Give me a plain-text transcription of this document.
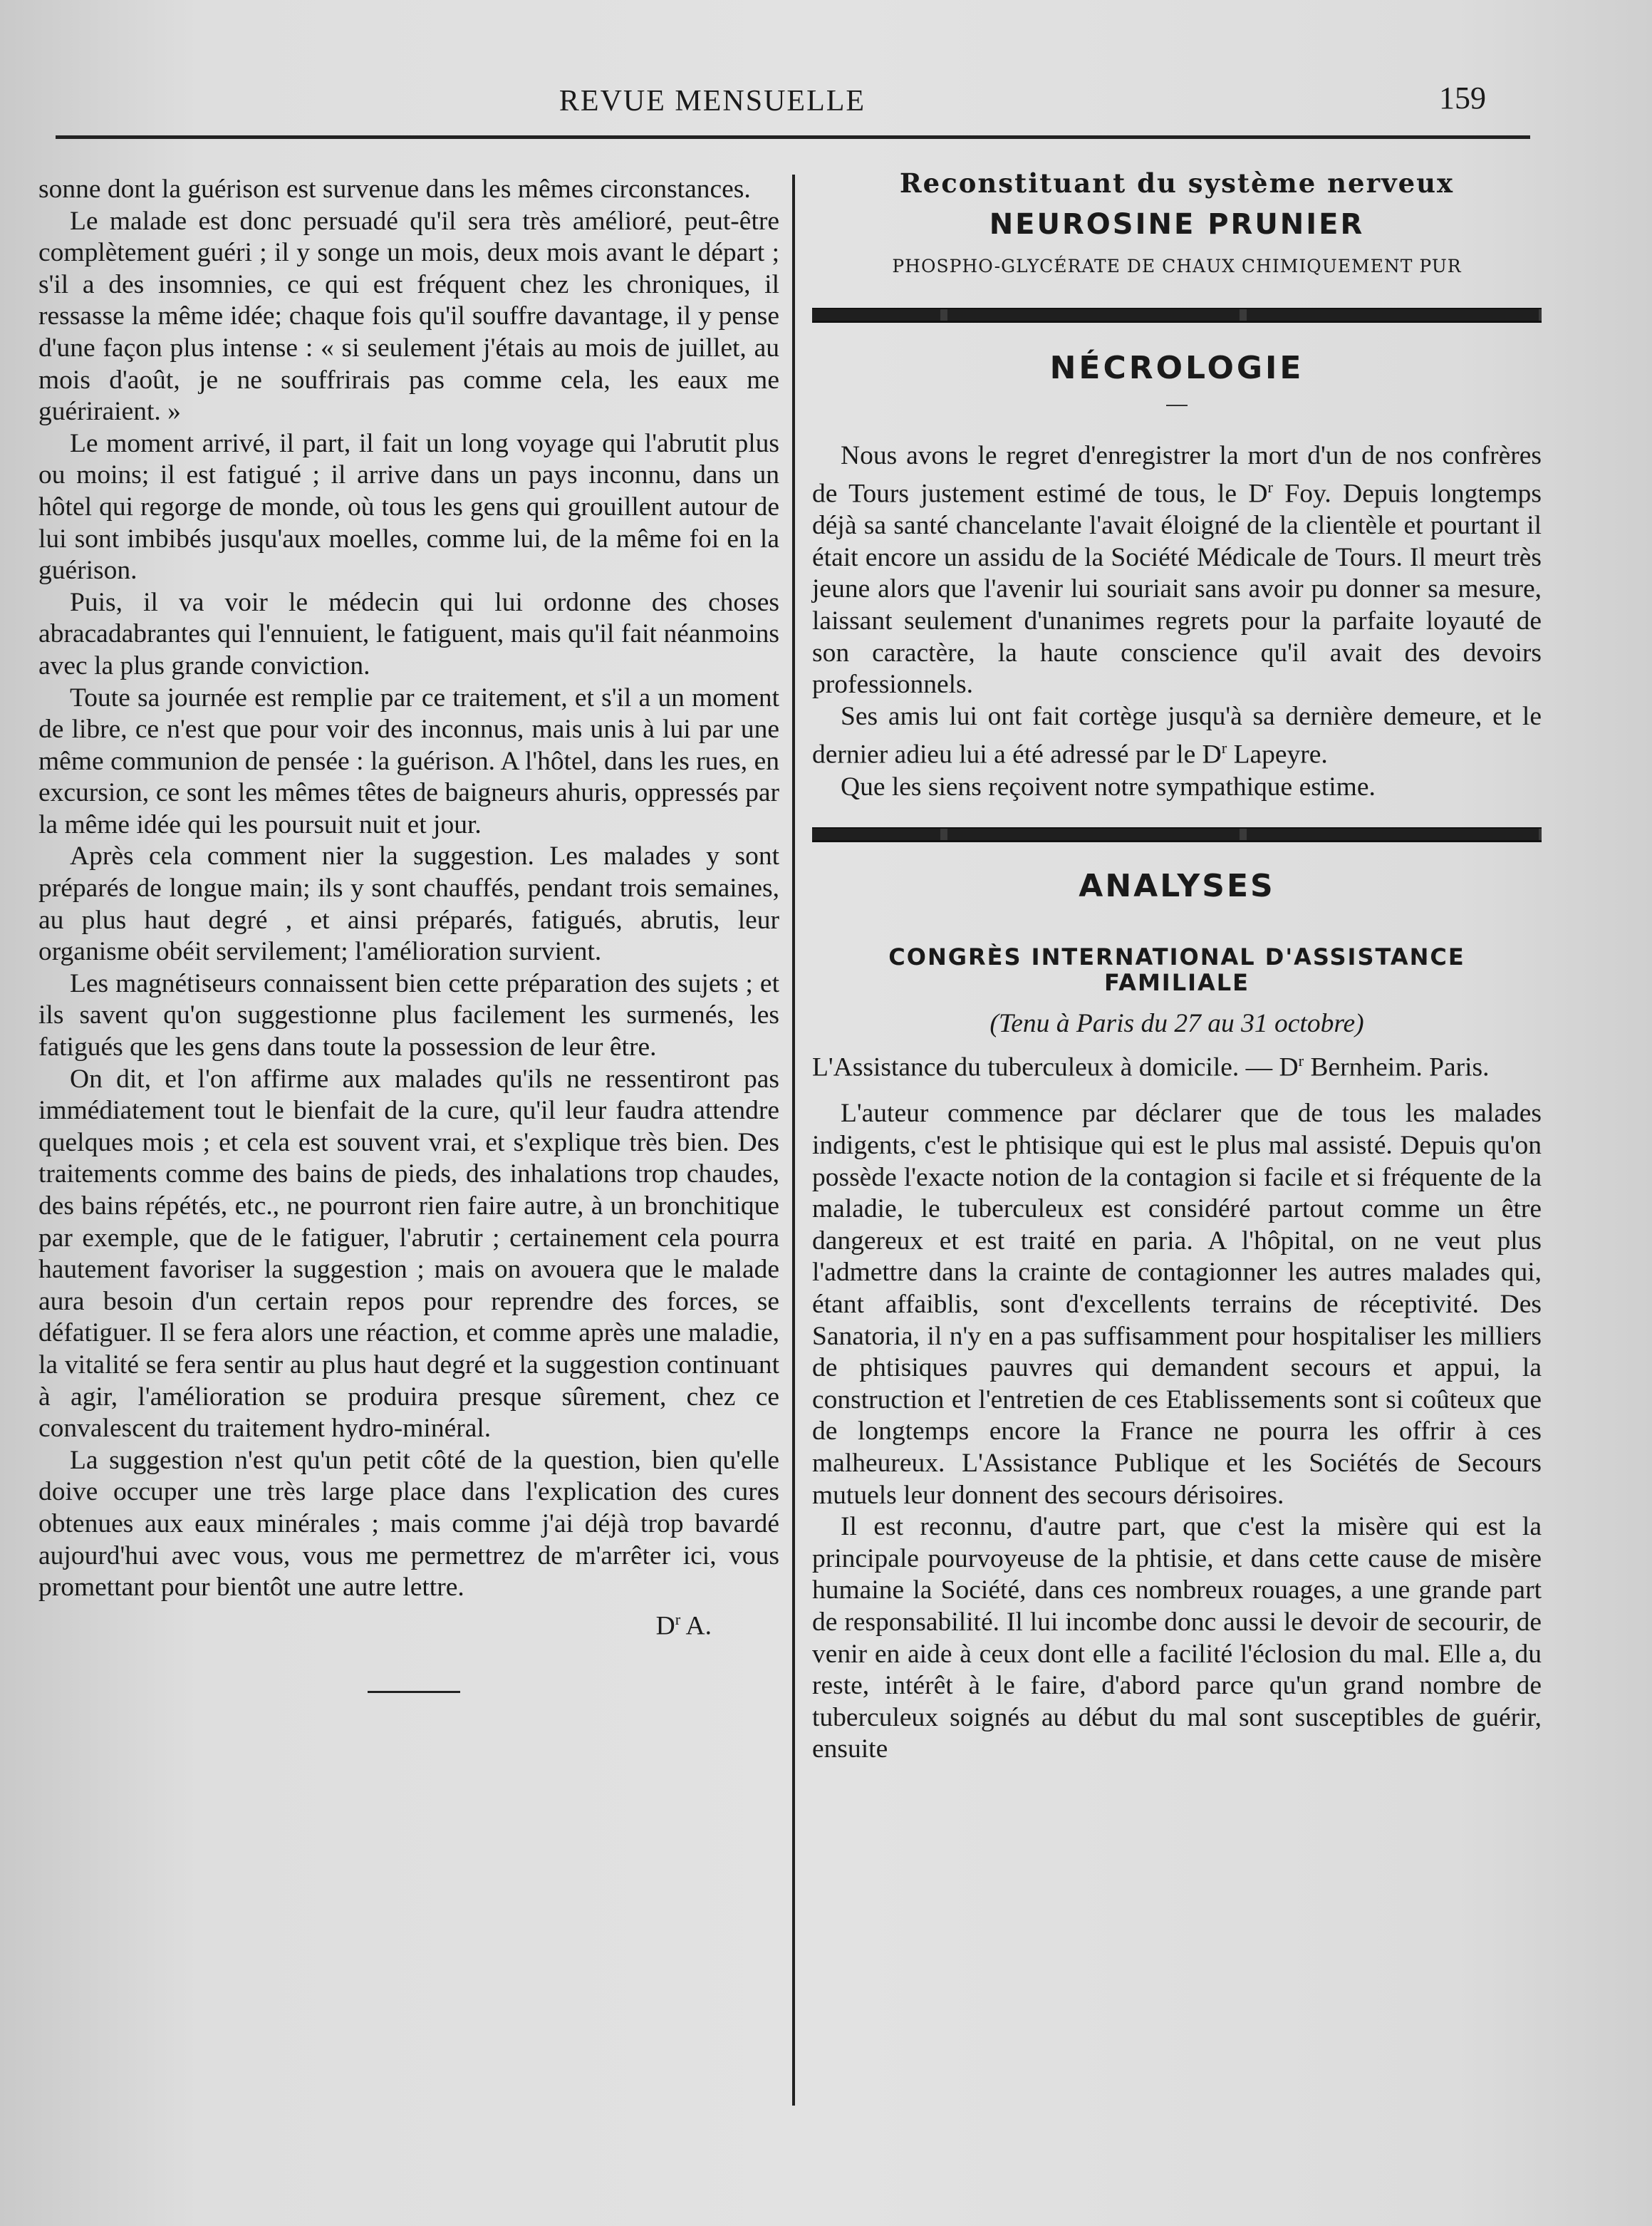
REVUE MENSUELLE	159

sonne dont la guérison est survenue dans les mêmes circonstances.

Le malade est donc persuadé qu'il sera très amélioré, peut-être complètement guéri ; il y songe un mois, deux mois avant le départ ; s'il a des insomnies, ce qui est fréquent chez les chroniques, il ressasse la même idée; chaque fois qu'il souffre davantage, il y pense d'une façon plus intense : « si seulement j'étais au mois de juillet, au mois d'août, je ne souffrirais pas comme cela, les eaux me guériraient. »

Le moment arrivé, il part, il fait un long voyage qui l'abrutit plus ou moins; il est fatigué ; il arrive dans un pays inconnu, dans un hôtel qui regorge de monde, où tous les gens qui grouillent autour de lui sont imbibés jusqu'aux moelles, comme lui, de la même foi en la guérison.

Puis, il va voir le médecin qui lui ordonne des choses abracadabrantes qui l'ennuient, le fatiguent, mais qu'il fait néanmoins avec la plus grande conviction.

Toute sa journée est remplie par ce traitement, et s'il a un moment de libre, ce n'est que pour voir des inconnus, mais unis à lui par une même communion de pensée : la guérison. A l'hôtel, dans les rues, en excursion, ce sont les mêmes têtes de baigneurs ahuris, oppressés par la même idée qui les poursuit nuit et jour.

Après cela comment nier la suggestion. Les malades y sont préparés de longue main; ils y sont chauffés, pendant trois semaines, au plus haut degré , et ainsi préparés, fatigués, abrutis, leur organisme obéit servilement; l'amélioration survient.

Les magnétiseurs connaissent bien cette préparation des sujets ; et ils savent qu'on suggestionne plus facilement les surmenés, les fatigués que les gens dans toute la possession de leur être.

On dit, et l'on affirme aux malades qu'ils ne ressentiront pas immédiatement tout le bienfait de la cure, qu'il leur faudra attendre quelques mois ; et cela est souvent vrai, et s'explique très bien. Des traitements comme des bains de pieds, des inhalations trop chaudes, des bains répétés, etc., ne pourront rien faire autre, à un bronchitique par exemple, que de le fatiguer, l'abrutir ; certainement cela pourra hautement favoriser la suggestion ; mais on avouera que le malade aura besoin d'un certain repos pour reprendre des forces, se défatiguer. Il se fera alors une réaction, et comme après une maladie, la vitalité se fera sentir au plus haut degré et la suggestion continuant à agir, l'amélioration se produira presque sûrement, chez ce convalescent du traitement hydro-minéral.

La suggestion n'est qu'un petit côté de la question, bien qu'elle doive occuper une très large place dans l'explication des cures obtenues aux eaux minérales ; mais comme j'ai déjà trop bavardé aujourd'hui avec vous, vous me permettrez de m'arrêter ici, vous promettant pour bientôt une autre lettre.

$D^r$ A.

Reconstituant du système nerveux
NEUROSINE PRUNIER
PHOSPHO-GLYCÉRATE DE CHAUX CHIMIQUEMENT PUR
NÉCROLOGIE

Nous avons le regret d'enregistrer la mort d'un de nos confrères de Tours justement estimé de tous, le $D^r$ Foy. Depuis longtemps déjà sa santé chancelante l'avait éloigné de la clientèle et pourtant il était encore un assidu de la Société Médicale de Tours. Il meurt très jeune alors que l'avenir lui souriait sans avoir pu donner sa mesure, laissant seulement d'unanimes regrets pour la parfaite loyauté de son caractère, la haute conscience qu'il avait des devoirs professionnels.

Ses amis lui ont fait cortège jusqu'à sa dernière demeure, et le dernier adieu lui a été adressé par le $D^r$ Lapeyre.

Que les siens reçoivent notre sympathique estime.

ANALYSES
CONGRÈS INTERNATIONAL D'ASSISTANCE FAMILIALE
(Tenu à Paris du 27 au 31 octobre)

L'Assistance du tuberculeux à domicile. — $D^r$ Bernheim. Paris.

L'auteur commence par déclarer que de tous les malades indigents, c'est le phtisique qui est le plus mal assisté. Depuis qu'on possède l'exacte notion de la contagion si facile et si fréquente de la maladie, le tuberculeux est considéré partout comme un être dangereux et est traité en paria. A l'hôpital, on ne veut plus l'admettre dans la crainte de contagionner les autres malades qui, étant affaiblis, sont d'excellents terrains de réceptivité. Des Sanatoria, il n'y en a pas suffisamment pour hospitaliser les milliers de phtisiques pauvres qui demandent secours et appui, la construction et l'entretien de ces Etablissements sont si coûteux que de longtemps encore la France ne pourra les offrir à ces malheureux. L'Assistance Publique et les Sociétés de Secours mutuels leur donnent des secours dérisoires.

Il est reconnu, d'autre part, que c'est la misère qui est la principale pourvoyeuse de la phtisie, et dans cette cause de misère humaine la Société, dans ces nombreux rouages, a une grande part de responsabilité. Il lui incombe donc aussi le devoir de secourir, de venir en aide à ceux dont elle a facilité l'éclosion du mal. Elle a, du reste, intérêt à le faire, d'abord parce qu'un grand nombre de tuberculeux soignés au début du mal sont susceptibles de guérir, ensuite
